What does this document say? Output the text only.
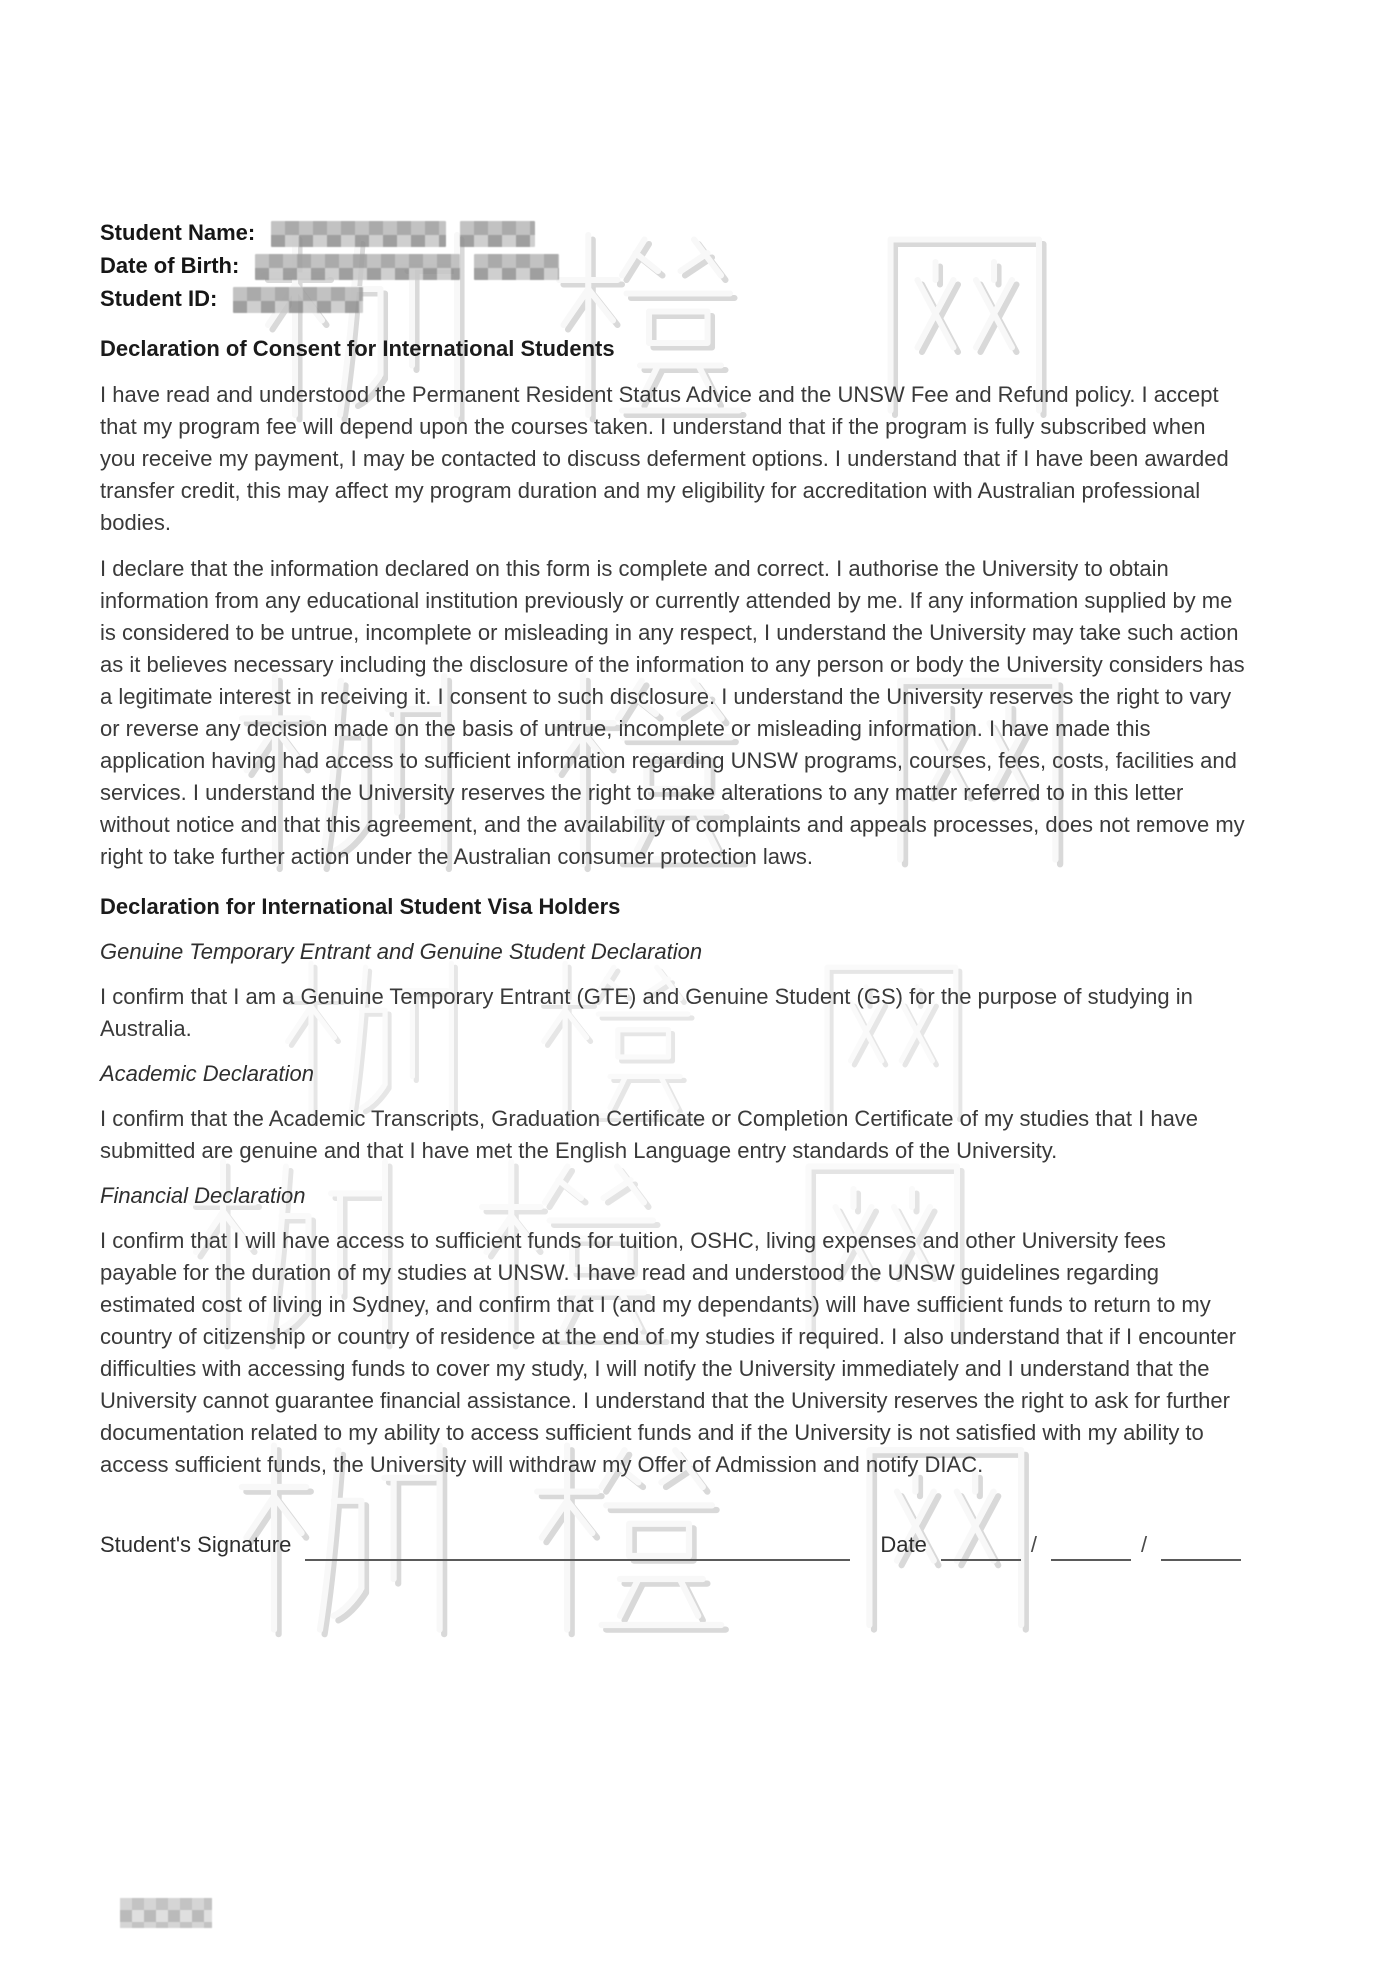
Student Name:

Date of Birth:

Student ID:

Declaration of Consent for International Students

I have read and understood the Permanent Resident Status Advice and the UNSW Fee and Refund policy. I accept that my program fee will depend upon the courses taken. I understand that if the program is fully subscribed when you receive my payment, I may be contacted to discuss deferment options. I understand that if I have been awarded transfer credit, this may affect my program duration and my eligibility for accreditation with Australian professional bodies.

I declare that the information declared on this form is complete and correct. I authorise the University to obtain information from any educational institution previously or currently attended by me. If any information supplied by me is considered to be untrue, incomplete or misleading in any respect, I understand the University may take such action as it believes necessary including the disclosure of the information to any person or body the University considers has a legitimate interest in receiving it. I consent to such disclosure. I understand the University reserves the right to vary or reverse any decision made on the basis of untrue, incomplete or misleading information. I have made this application having had access to sufficient information regarding UNSW programs, courses, fees, costs, facilities and services. I understand the University reserves the right to make alterations to any matter referred to in this letter without notice and that this agreement, and the availability of complaints and appeals processes, does not remove my right to take further action under the Australian consumer protection laws.

Declaration for International Student Visa Holders

Genuine Temporary Entrant and Genuine Student Declaration

I confirm that I am a Genuine Temporary Entrant (GTE) and Genuine Student (GS) for the purpose of studying in Australia.

Academic Declaration

I confirm that the Academic Transcripts, Graduation Certificate or Completion Certificate of my studies that I have submitted are genuine and that I have met the English Language entry standards of the University.

Financial Declaration

I confirm that I will have access to sufficient funds for tuition, OSHC, living expenses and other University fees payable for the duration of my studies at UNSW. I have read and understood the UNSW guidelines regarding estimated cost of living in Sydney, and confirm that I (and my dependants) will have sufficient funds to return to my country of citizenship or country of residence at the end of my studies if required. I also understand that if I encounter difficulties with accessing funds to cover my study, I will notify the University immediately and I understand that the University cannot guarantee financial assistance. I understand that the University reserves the right to ask for further documentation related to my ability to access sufficient funds and if the University is not satisfied with my ability to access sufficient funds, the University will withdraw my Offer of Admission and notify DIAC.

Student's Signature	Date	/	/
